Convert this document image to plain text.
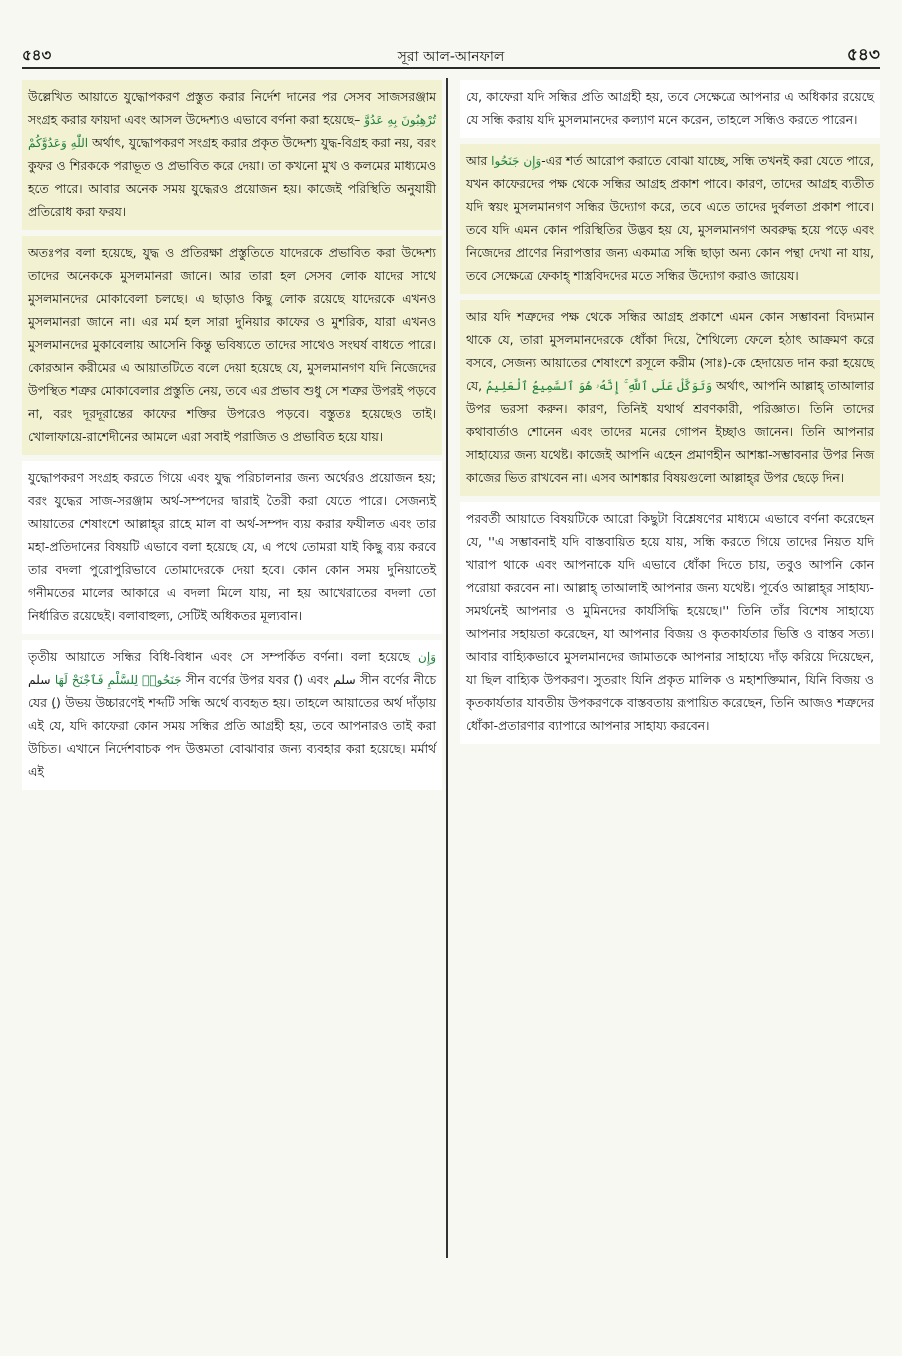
৫৪৩	সূরা আল-আনফাল	৫৪৩

উল্লেখিত আয়াতে যুদ্ধোপকরণ প্রস্তুত করার নির্দেশ দানের পর সেসব সাজসরঞ্জাম সংগ্রহ করার ফায়দা এবং আসল উদ্দেশ্যও এভাবে বর্ণনা করা হয়েছে– تُرْهِبُونَ بِهِ عَدُوَّ اللّٰهِ وَعَدُوَّكُمْ অর্থাৎ, যুদ্ধোপকরণ সংগ্রহ করার প্রকৃত উদ্দেশ্য যুদ্ধ-বিগ্রহ করা নয়, বরং কুফর ও শিরককে পরাভূত ও প্রভাবিত করে দেয়া। তা কখনো মুখ ও কলমের মাধ্যমেও হতে পারে। আবার অনেক সময় যুদ্ধেরও প্রয়োজন হয়। কাজেই পরিস্থিতি অনুযায়ী প্রতিরোধ করা ফরয।

অতঃপর বলা হয়েছে, যুদ্ধ ও প্রতিরক্ষা প্রস্তুতিতে যাদেরকে প্রভাবিত করা উদ্দেশ্য তাদের অনেককে মুসলমানরা জানে। আর তারা হল সেসব লোক যাদের সাথে মুসলমানদের মোকাবেলা চলছে। এ ছাড়াও কিছু লোক রয়েছে যাদেরকে এখনও মুসলমানরা জানে না। এর মর্ম হল সারা দুনিয়ার কাফের ও মুশরিক, যারা এখনও মুসলমানদের মুকাবেলায় আসেনি কিন্তু ভবিষ্যতে তাদের সাথেও সংঘর্ষ বাধতে পারে। কোরআন করীমের এ আয়াতটিতে বলে দেয়া হয়েছে যে, মুসলমানগণ যদি নিজেদের উপস্থিত শত্রুর মোকাবেলার প্রস্তুতি নেয়, তবে এর প্রভাব শুধু সে শত্রুর উপরই পড়বে না, বরং দূরদূরান্তের কাফের শক্তির উপরেও পড়বে। বস্তুতঃ হয়েছেও তাই। খোলাফায়ে-রাশেদীনের আমলে এরা সবাই পরাজিত ও প্রভাবিত হয়ে যায়।

যুদ্ধোপকরণ সংগ্রহ করতে গিয়ে এবং যুদ্ধ পরিচালনার জন্য অর্থেরও প্রয়োজন হয়; বরং যুদ্ধের সাজ-সরঞ্জাম অর্থ-সম্পদের দ্বারাই তৈরী করা যেতে পারে। সেজন্যই আয়াতের শেষাংশে আল্লাহ্‌র রাহে মাল বা অর্থ-সম্পদ ব্যয় করার ফযীলত এবং তার মহা-প্রতিদানের বিষয়টি এভাবে বলা হয়েছে যে, এ পথে তোমরা যাই কিছু ব্যয় করবে তার বদলা পুরোপুরিভাবে তোমাদেরকে দেয়া হবে। কোন কোন সময় দুনিয়াতেই গনীমতের মালের আকারে এ বদলা মিলে যায়, না হয় আখেরাতের বদলা তো নির্ধারিত রয়েছেই। বলাবাহুল্য, সেটিই অধিকতর মূল্যবান।

তৃতীয় আয়াতে সন্ধির বিধি-বিধান এবং সে সম্পর্কিত বর্ণনা। বলা হয়েছে وَإِن جَنَحُوا۟ لِلسَّلْمِ فَٱجْنَحْ لَهَا سلم সীন বর্ণের উপর যবর (َ) এবং سلم সীন বর্ণের নীচে যের (ِ) উভয় উচ্চারণেই শব্দটি সন্ধি অর্থে ব্যবহৃত হয়। তাহলে আয়াতের অর্থ দাঁড়ায় এই যে, যদি কাফেরা কোন সময় সন্ধির প্রতি আগ্রহী হয়, তবে আপনারও তাই করা উচিত। এখানে নির্দেশবাচক পদ উত্তমতা বোঝাবার জন্য ব্যবহার করা হয়েছে। মর্মার্থ এই

যে, কাফেরা যদি সন্ধির প্রতি আগ্রহী হয়, তবে সেক্ষেত্রে আপনার এ অধিকার রয়েছে যে সন্ধি করায় যদি মুসলমানদের কল্যাণ মনে করেন, তাহলে সন্ধিও করতে পারেন।

আর وَإِن جَنَحُوا-এর শর্ত আরোপ করাতে বোঝা যাচ্ছে, সন্ধি তখনই করা যেতে পারে, যখন কাফেরদের পক্ষ থেকে সন্ধির আগ্রহ প্রকাশ পাবে। কারণ, তাদের আগ্রহ ব্যতীত যদি স্বয়ং মুসলমানগণ সন্ধির উদ্যোগ করে, তবে এতে তাদের দুর্বলতা প্রকাশ পাবে। তবে যদি এমন কোন পরিস্থিতির উদ্ভব হয় যে, মুসলমানগণ অবরুদ্ধ হয়ে পড়ে এবং নিজেদের প্রাণের নিরাপত্তার জন্য একমাত্র সন্ধি ছাড়া অন্য কোন পন্থা দেখা না যায়, তবে সেক্ষেত্রে ফেকাহ্‌ শাস্ত্রবিদদের মতে সন্ধির উদ্যোগ করাও জায়েয।

আর যদি শত্রুদের পক্ষ থেকে সন্ধির আগ্রহ প্রকাশে এমন কোন সম্ভাবনা বিদ্যমান থাকে যে, তারা মুসলমানদেরকে ধোঁকা দিয়ে, শৈথিল্যে ফেলে হঠাৎ আক্রমণ করে বসবে, সেজন্য আয়াতের শেষাংশে রসূলে করীম (সাঃ)-কে হেদায়েত দান করা হয়েছে যে, وَتَوَكَّلْ عَلَى ٱللَّهِ ۚ إِنَّهُۥ هُوَ ٱلسَّمِيعُ ٱلْعَلِيمُ অর্থাৎ, আপনি আল্লাহ্‌ তাআলার উপর ভরসা করুন। কারণ, তিনিই যথার্থ শ্রবণকারী, পরিজ্ঞাত। তিনি তাদের কথাবার্তাও শোনেন এবং তাদের মনের গোপন ইচ্ছাও জানেন। তিনি আপনার সাহায্যের জন্য যথেষ্ট। কাজেই আপনি এহেন প্রমাণহীন আশঙ্কা-সম্ভাবনার উপর নিজ কাজের ভিত রাখবেন না। এসব আশঙ্কার বিষয়গুলো আল্লাহ্‌র উপর ছেড়ে দিন।

পরবর্তী আয়াতে বিষয়টিকে আরো কিছুটা বিশ্লেষণের মাধ্যমে এভাবে বর্ণনা করেছেন যে, ''এ সম্ভাবনাই যদি বাস্তবায়িত হয়ে যায়, সন্ধি করতে গিয়ে তাদের নিয়ত যদি খারাপ থাকে এবং আপনাকে যদি এভাবে ধোঁকা দিতে চায়, তবুও আপনি কোন পরোয়া করবেন না। আল্লাহ্‌ তাআলাই আপনার জন্য যথেষ্ট। পূর্বেও আল্লাহ্‌র সাহায্য-সমর্থনেই আপনার ও মুমিনদের কার্যসিদ্ধি হয়েছে।'' তিনি তাঁর বিশেষ সাহায্যে আপনার সহায়তা করেছেন, যা আপনার বিজয় ও কৃতকার্যতার ভিত্তি ও বাস্তব সত্য। আবার বাহ্যিকভাবে মুসলমানদের জামাতকে আপনার সাহায্যে দাঁড় করিয়ে দিয়েছেন, যা ছিল বাহ্যিক উপকরণ। সুতরাং যিনি প্রকৃত মালিক ও মহাশক্তিমান, যিনি বিজয় ও কৃতকার্যতার যাবতীয় উপকরণকে বাস্তবতায় রূপায়িত করেছেন, তিনি আজও শত্রুদের ধোঁকা-প্রতারণার ব্যাপারে আপনার সাহায্য করবেন।
